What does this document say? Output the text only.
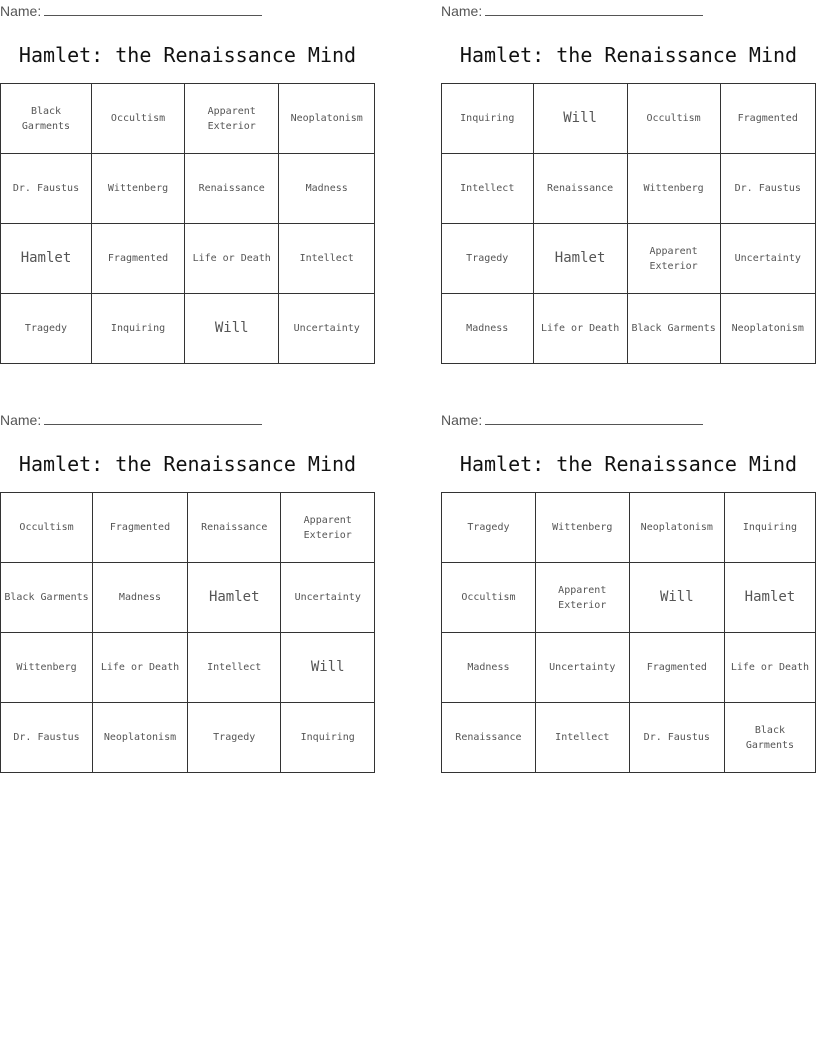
Name:
Hamlet: the Renaissance Mind
Black Garments	Occultism	Apparent Exterior	Neoplatonism
Dr. Faustus	Wittenberg	Renaissance	Madness
Hamlet	Fragmented	Life or Death	Intellect
Tragedy	Inquiring	Will	Uncertainty
Name:
Hamlet: the Renaissance Mind
Inquiring	Will	Occultism	Fragmented
Intellect	Renaissance	Wittenberg	Dr. Faustus
Tragedy	Hamlet	Apparent Exterior	Uncertainty
Madness	Life or Death	Black Garments	Neoplatonism
Name:
Hamlet: the Renaissance Mind
Occultism	Fragmented	Renaissance	Apparent Exterior
Black Garments	Madness	Hamlet	Uncertainty
Wittenberg	Life or Death	Intellect	Will
Dr. Faustus	Neoplatonism	Tragedy	Inquiring
Name:
Hamlet: the Renaissance Mind
Tragedy	Wittenberg	Neoplatonism	Inquiring
Occultism	Apparent Exterior	Will	Hamlet
Madness	Uncertainty	Fragmented	Life or Death
Renaissance	Intellect	Dr. Faustus	Black Garments
